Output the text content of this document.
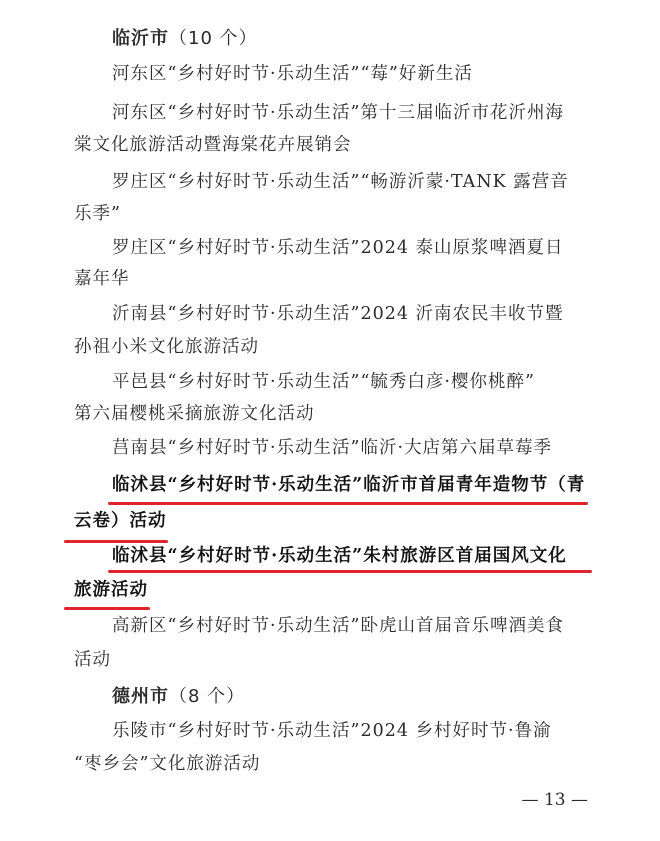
临沂市（10 个）
河东区“乡村好时节·乐动生活”“莓”好新生活
河东区“乡村好时节·乐动生活”第十三届临沂市花沂州海
棠文化旅游活动暨海棠花卉展销会
罗庄区“乡村好时节·乐动生活”“畅游沂蒙·TANK 露营音
乐季”
罗庄区“乡村好时节·乐动生活”2024 泰山原浆啤酒夏日
嘉年华
沂南县“乡村好时节·乐动生活”2024 沂南农民丰收节暨
孙祖小米文化旅游活动
平邑县“乡村好时节·乐动生活”“毓秀白彦·樱你桃醉”
第六届樱桃采摘旅游文化活动
莒南县“乡村好时节·乐动生活”临沂·大店第六届草莓季
临沭县“乡村好时节·乐动生活”临沂市首届青年造物节（青
云卷）活动
临沭县“乡村好时节·乐动生活”朱村旅游区首届国风文化
旅游活动
高新区“乡村好时节·乐动生活”卧虎山首届音乐啤酒美食
活动
德州市（8 个）
乐陵市“乡村好时节·乐动生活”2024 乡村好时节·鲁渝
“枣乡会”文化旅游活动
— 13 —
